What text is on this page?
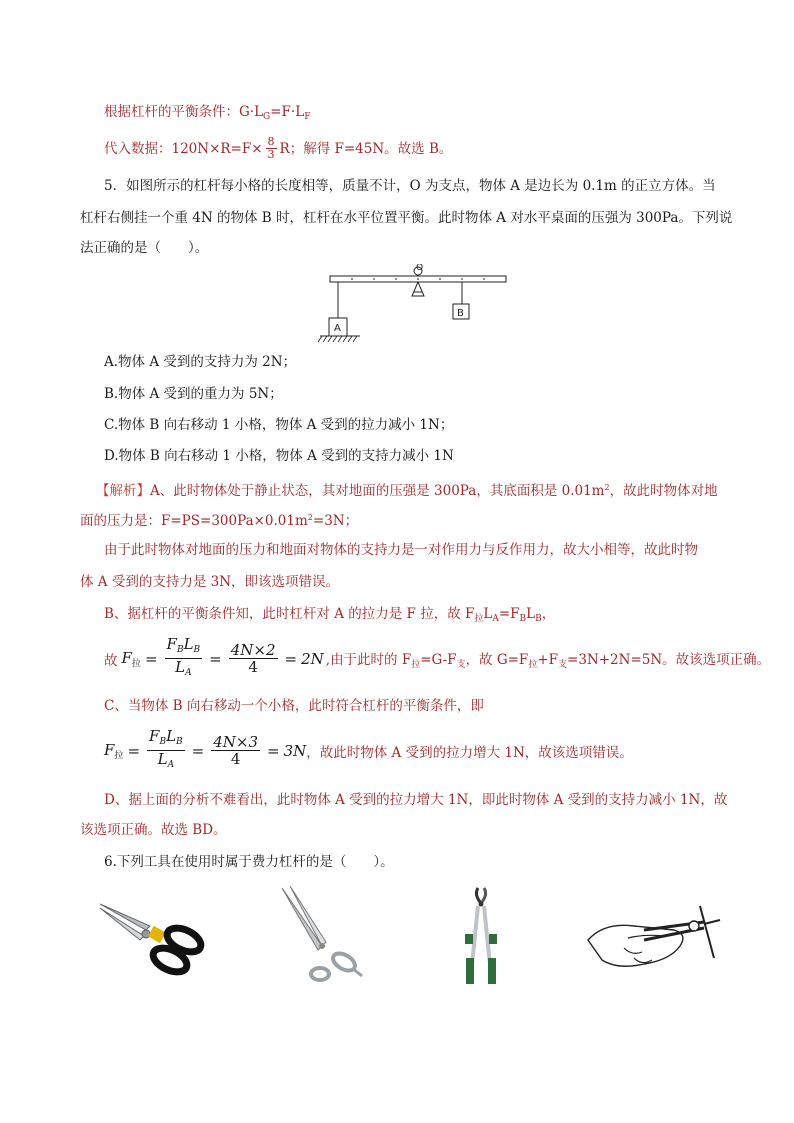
根据杠杆的平衡条件：$G\cdot L_G=F\cdot L_F$
代入数据：$120N\times R=F\times \frac{8}{3}$ R；解得 F=45N。故选 B。
5．如图所示的杠杆每小格的长度相等，质量不计，O 为支点，物体 A 是边长为 0.1m 的正立方体。当
杠杆右侧挂一个重 4N 的物体 B 时，杠杆在水平位置平衡。此时物体 A 对水平桌面的压强为 300Pa。下列说
法正确的是（　　）。
O
A
B
A.物体 A 受到的支持力为 2N；
B.物体 A 受到的重力为 5N；
C.物体 B 向右移动 1 小格，物体 A 受到的拉力减小 1N；
D.物体 B 向右移动 1 小格，物体 A 受到的支持力减小 1N
【解析】A、此时物体处于静止状态，其对地面的压强是 300Pa，其底面积是 $0.01m^2$，故此时物体对地
面的压力是：$F=PS=300Pa\times 0.01m^2=3N$；
由于此时物体对地面的压力和地面对物体的支持力是一对作用力与反作用力，故大小相等，故此时物
体 A 受到的支持力是 3N，即该选项错误。
B、据杠杆的平衡条件知，此时杠杆对 A 的拉力是 F 拉，故 $F_拉L_A=F_BL_B$，
故 $F_拉 = \frac{F_BL_B}{L_A} = \frac{4N\times 2}{4} = 2N$ ,由于此时的 $F_拉=G-F_支$，故 $G=F_拉+F_支=3N+2N=5N$。故该选项正确。
C、当物体 B 向右移动一个小格，此时符合杠杆的平衡条件，即
$F_拉 = \frac{F_BL_B}{L_A} = \frac{4N\times 3}{4} = 3N$ ，故此时物体 A 受到的拉力增大 1N，故该选项错误。
D、据上面的分析不难看出，此时物体 A 受到的拉力增大 1N，即此时物体 A 受到的支持力减小 1N，故
该选项正确。故选 BD。
6.下列工具在使用时属于费力杠杆的是（　　）。
